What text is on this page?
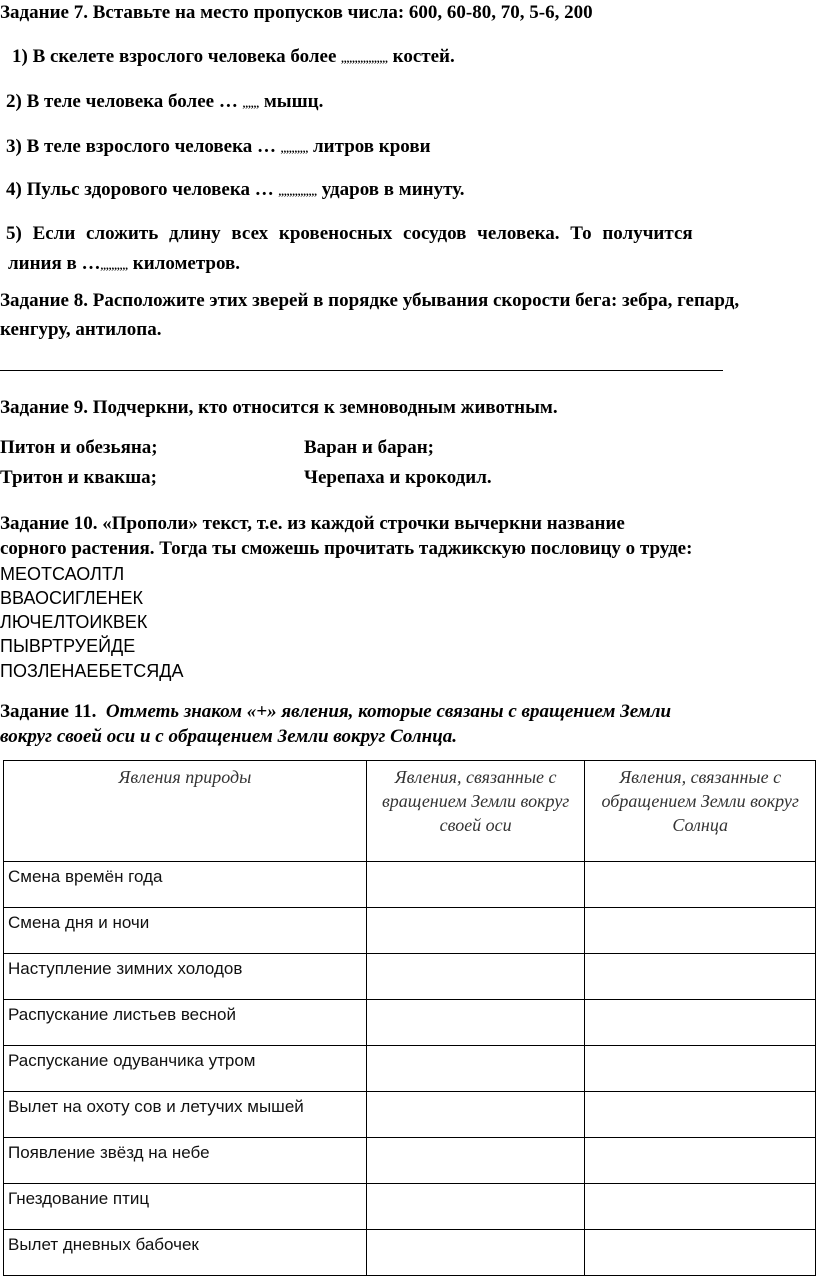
Задание 7. Вставьте на место пропусков числа: 600, 60-80, 70, 5-6, 200
1) В скелете взрослого человека более ,,,,,,,,,,,,,,,,, костей.
2) В теле человека более … ,,,,,, мышц.
3) В теле взрослого человека … ,,,,,,,,,, литров крови
4) Пульс здорового человека … ,,,,,,,,,,,,,, ударов в минуту.
5) Если сложить длину всех кровеносных сосудов человека. То получится
линия в …,,,,,,,,,, километров.
Задание 8. Расположите этих зверей в порядке убывания скорости бега: зебра, гепард,
кенгуру, антилопа.
Задание 9. Подчеркни, кто относится к земноводным животным.
Питон и обезьяна;	Варан и баран;
Тритон и квакша;	Черепаха и крокодил.
Задание 10. «Прополи» текст, т.е. из каждой строчки вычеркни название
сорного растения. Тогда ты сможешь прочитать таджикскую пословицу о труде:
МЕОТСАОЛТЛ
ВВАОСИГЛЕНЕК
ЛЮЧЕЛТОИКВЕК
ПЫВРТРУЕЙДЕ
ПОЗЛЕНАЕБЕТСЯДА
Задание 11. Отметь знаком «+» явления, которые связаны с вращением Земли
вокруг своей оси и с обращением Земли вокруг Солнца.
Явления природы	Явления, связанные с вращением Земли вокруг своей оси	Явления, связанные с обращением Земли вокруг Солнца
Смена времён года		
Смена дня и ночи		
Наступление зимних холодов		
Распускание листьев весной		
Распускание одуванчика утром		
Вылет на охоту сов и летучих мышей		
Появление звёзд на небе		
Гнездование птиц		
Вылет дневных бабочек		
